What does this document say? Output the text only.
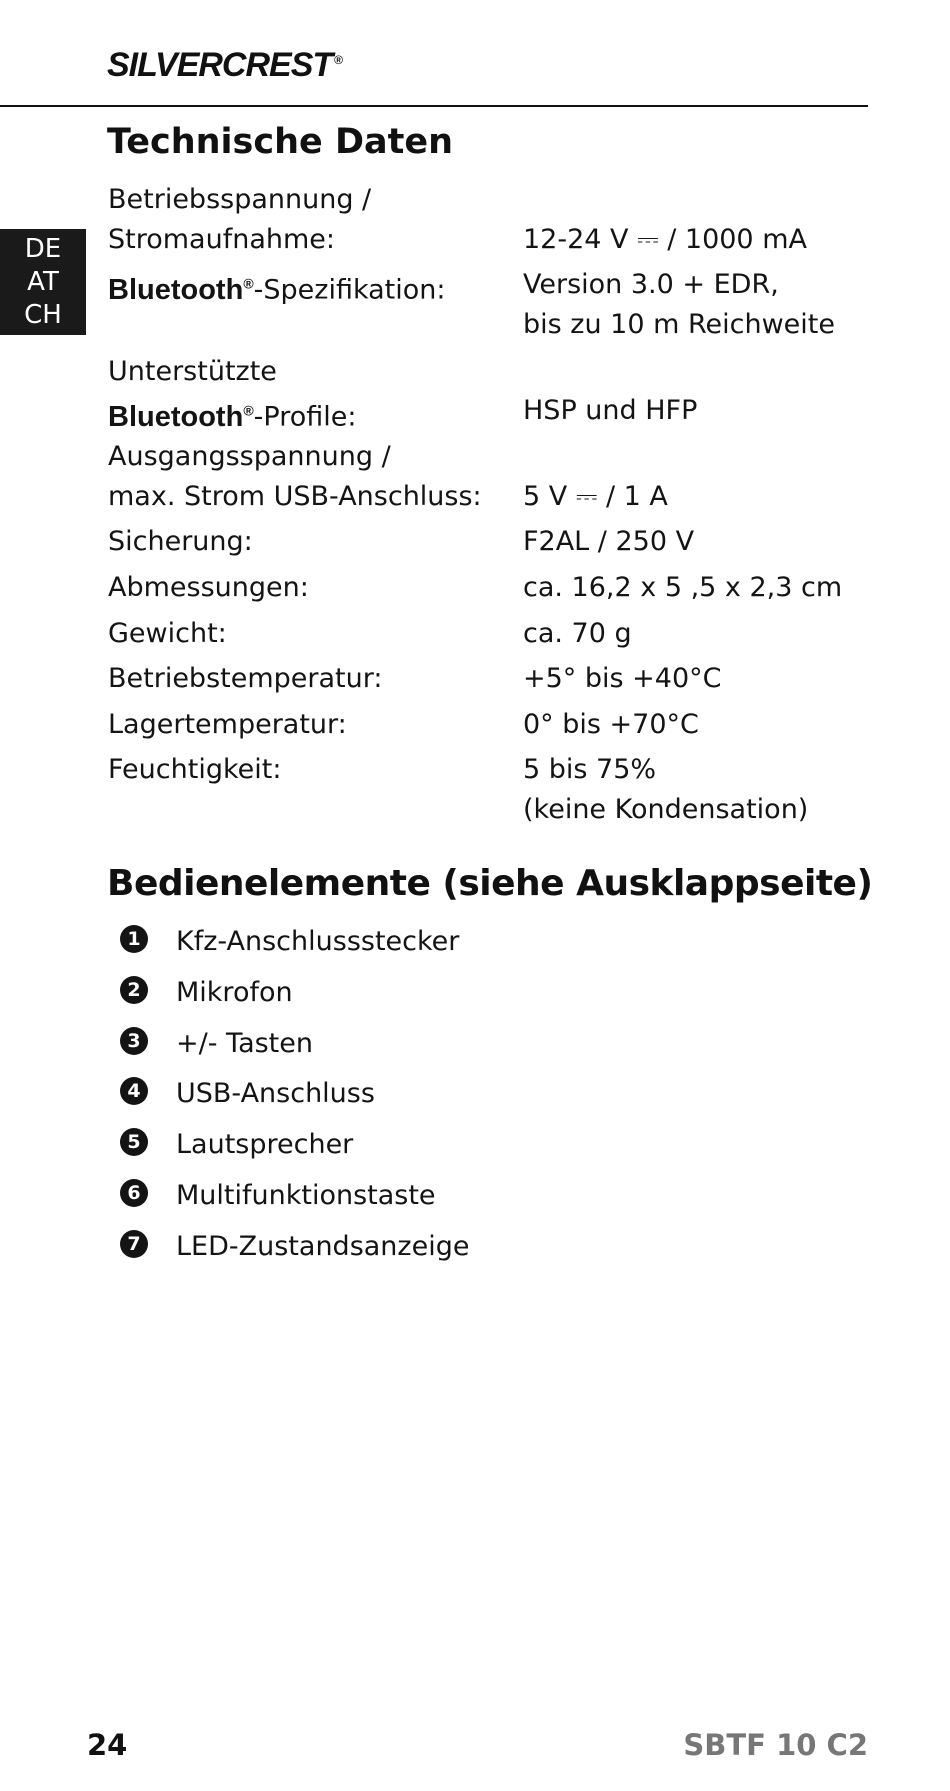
SILVERCREST ®
Technische Daten
DE
AT
CH
Betriebsspannung /
Stromaufnahme:	12-24 V ⎓ / 1000 mA
Bluetooth®-Spezifikation:	Version 3.0 + EDR,
bis zu 10 m Reichweite
Unterstützte
Bluetooth®-Profile:	HSP und HFP
Ausgangsspannung /
max. Strom USB-Anschluss: 5 V ⎓ / 1 A
Sicherung:	F2AL / 250 V
Abmessungen:	ca. 16,2 x 5 ,5 x 2,3 cm
Gewicht:	ca. 70 g
Betriebstemperatur:	+5° bis +40°C
Lagertemperatur:	0° bis +70°C
Feuchtigkeit:	5 bis 75%
(keine Kondensation)
Bedienelemente (siehe Ausklappseite)
1 Kfz-Anschlussstecker
2 Mikrofon
3 +/- Tasten
4 USB-Anschluss
5 Lautsprecher
6 Multifunktionstaste
7 LED-Zustandsanzeige
24	SBTF 10 C2
